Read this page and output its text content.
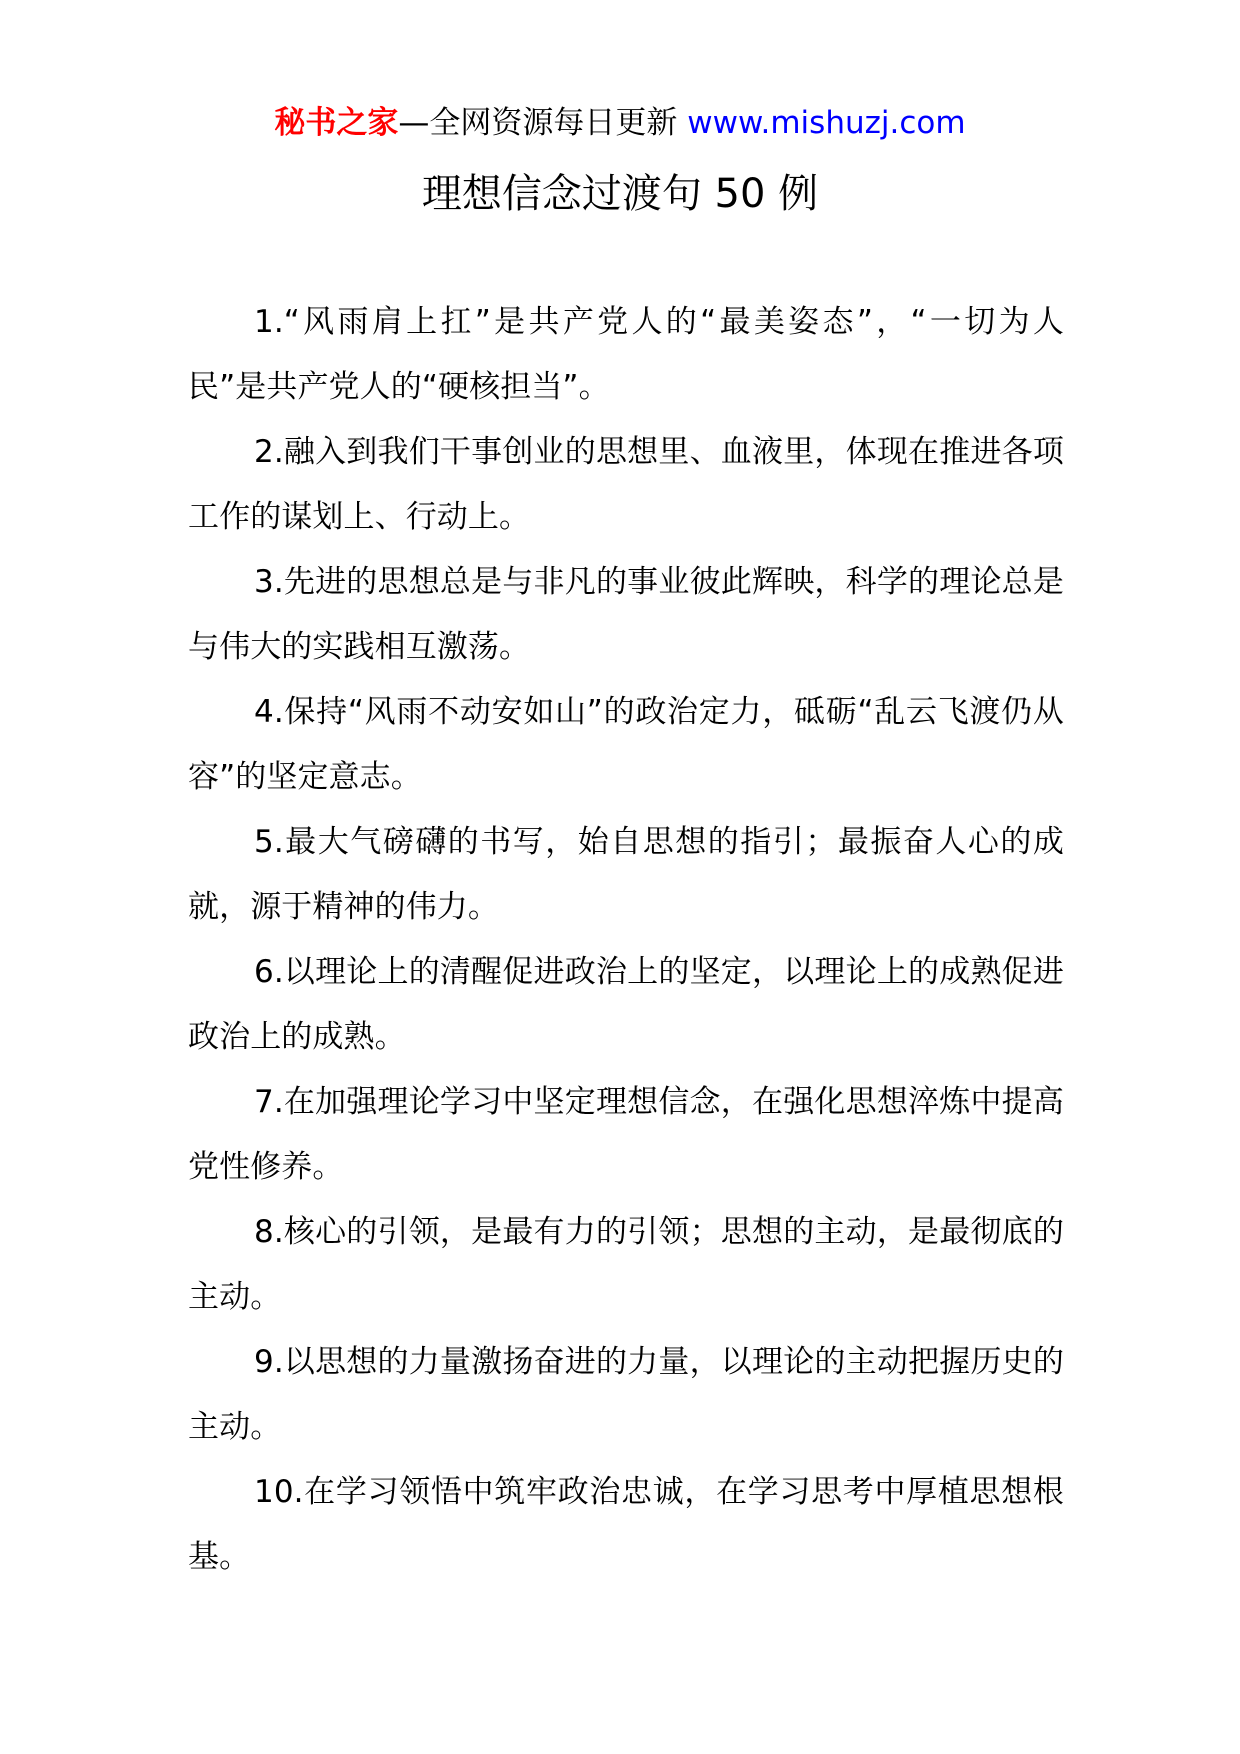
秘书之家—全网资源每日更新 www.mishuzj.com
理想信念过渡句 50 例

1.“风雨肩上扛”是共产党人的“最美姿态”，“一切为人民”是共产党人的“硬核担当”。

2.融入到我们干事创业的思想里、血液里，体现在推进各项工作的谋划上、行动上。

3.先进的思想总是与非凡的事业彼此辉映，科学的理论总是与伟大的实践相互激荡。

4.保持“风雨不动安如山”的政治定力，砥砺“乱云飞渡仍从容”的坚定意志。

5.最大气磅礴的书写，始自思想的指引；最振奋人心的成就，源于精神的伟力。

6.以理论上的清醒促进政治上的坚定，以理论上的成熟促进政治上的成熟。

7.在加强理论学习中坚定理想信念，在强化思想淬炼中提高党性修养。

8.核心的引领，是最有力的引领；思想的主动，是最彻底的主动。

9.以思想的力量激扬奋进的力量，以理论的主动把握历史的主动。

10.在学习领悟中筑牢政治忠诚，在学习思考中厚植思想根基。
